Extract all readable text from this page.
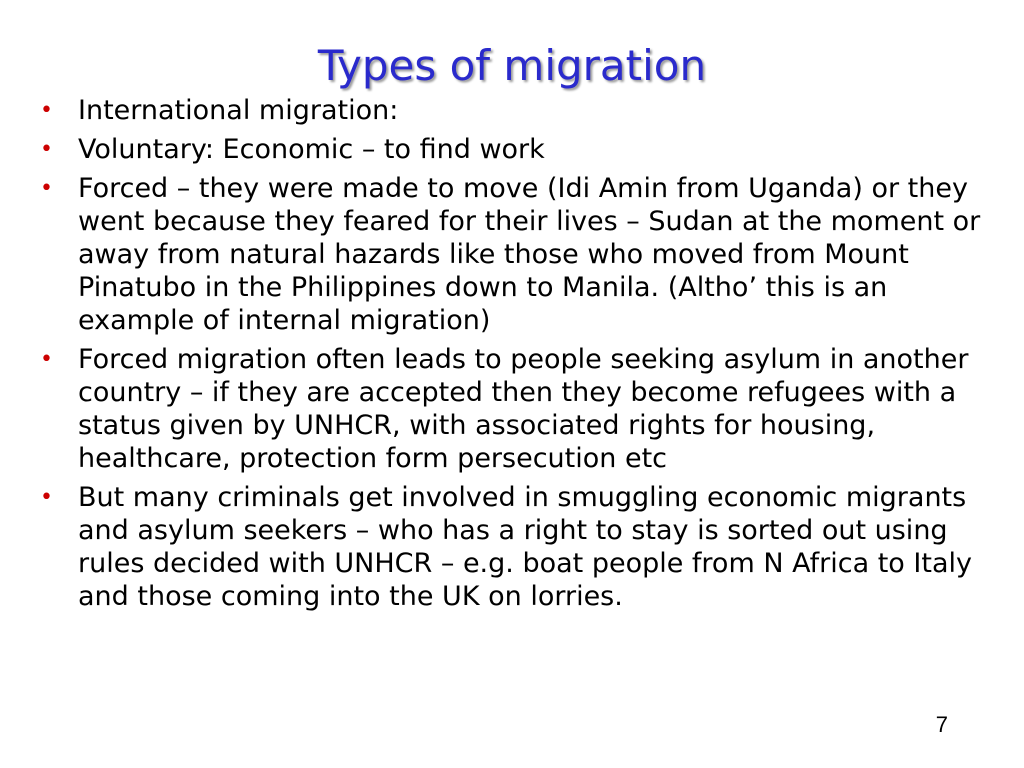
Types of migration
• International migration:
• Voluntary: Economic – to find work
• Forced – they were made to move (Idi Amin from Uganda) or they went because they feared for their lives – Sudan at the moment or away from natural hazards like those who moved from Mount Pinatubo in the Philippines down to Manila. (Altho’ this is an example of internal migration)
• Forced migration often leads to people seeking asylum in another country – if they are accepted then they become refugees with a status given by UNHCR, with associated rights for housing, healthcare, protection form persecution etc
• But many criminals get involved in smuggling economic migrants and asylum seekers – who has a right to stay is sorted out using rules decided with UNHCR – e.g. boat people from N Africa to Italy and those coming into the UK on lorries.
7
